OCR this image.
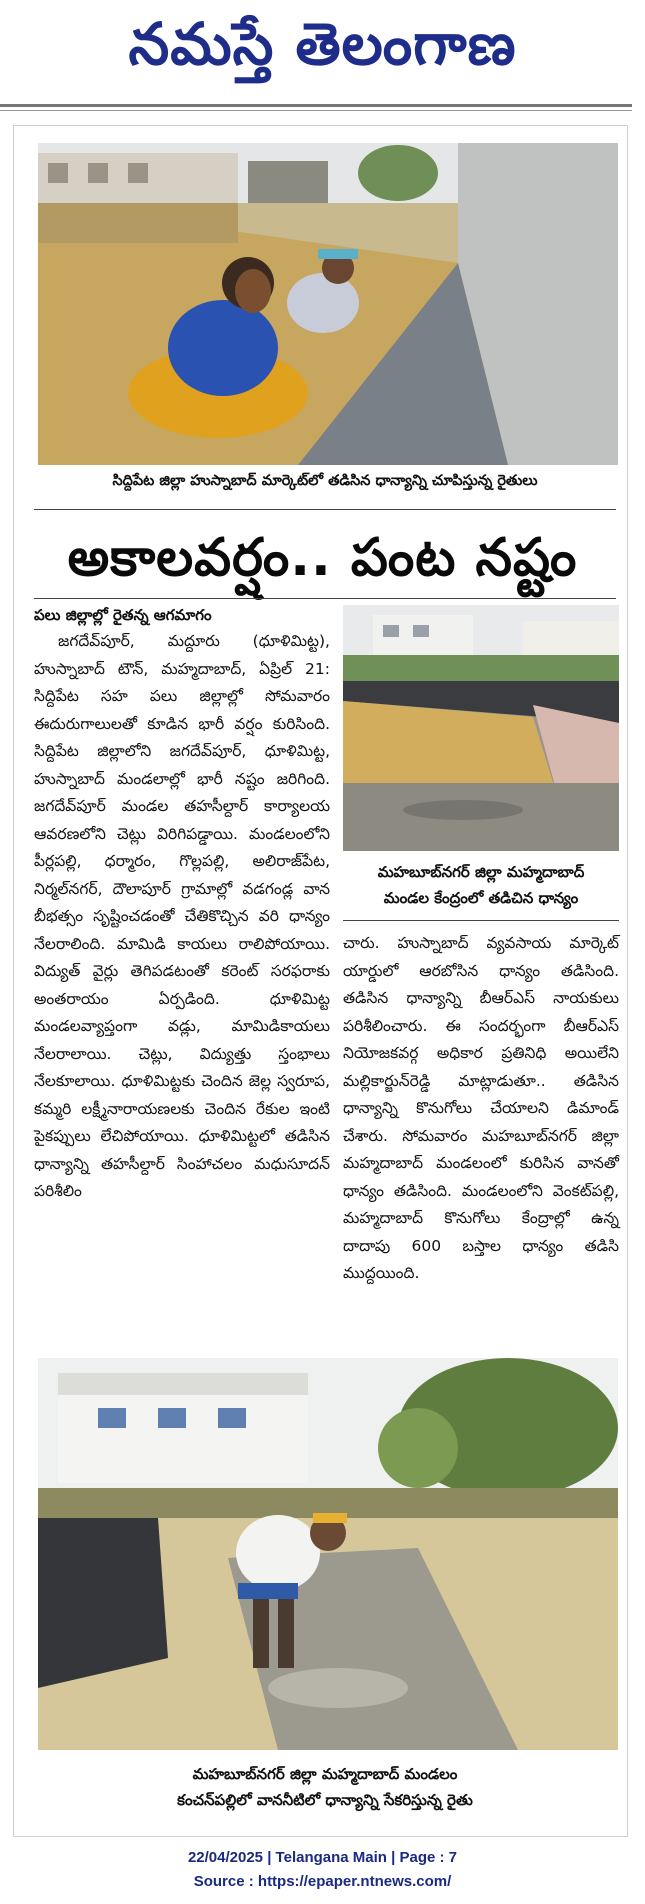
నమస్తే తెలంగాణ
సిద్దిపేట జిల్లా హుస్నాబాద్ మార్కెట్‌లో తడిసిన ధాన్యాన్ని చూపిస్తున్న రైతులు
అకాలవర్షం.. పంట నష్టం
పలు జిల్లాల్లో రైతన్న ఆగమాగం
మహబూబ్‌నగర్ జిల్లా మహ్మదాబాద్
మండల కేంద్రంలో తడిచిన ధాన్యం
జగదేవ్‌పూర్, మద్దూరు (ధూళిమిట్ట), హుస్నాబాద్ టౌన్, మహ్మదాబాద్, ఏప్రిల్ 21: సిద్దిపేట సహ పలు జిల్లాల్లో సోమవారం ఈదురుగాలులతో కూడిన భారీ వర్షం కురిసింది. సిద్దిపేట జిల్లాలోని జగదేవ్‌పూర్, ధూళిమిట్ట, హుస్నాబాద్ మండలాల్లో భారీ నష్టం జరిగింది. జగదేవ్‌పూర్ మండల తహసీల్దార్ కార్యాలయ ఆవరణలోని చెట్లు విరిగిపడ్డాయి. మండలంలోని పీర్లపల్లి, ధర్మారం, గొల్లపల్లి, అలిరాజ్‌పేట, నిర్మల్‌నగర్, దౌలాపూర్ గ్రామాల్లో వడగండ్ల వాన బీభత్సం సృష్టించడంతో చేతికొచ్చిన వరి ధాన్యం నేలరాలింది. మామిడి కాయలు రాలిపోయాయి. విద్యుత్ వైర్లు తెగిపడటంతో కరెంట్ సరఫరాకు అంతరాయం ఏర్పడింది. ధూళిమిట్ట మండలవ్యాప్తంగా వడ్లు, మామిడికాయలు నేలరాలాయి. చెట్లు, విద్యుత్తు స్తంభాలు నేలకూలాయి. ధూళిమిట్టకు చెందిన జెల్ల స్వరూప, కమ్మరి లక్ష్మీనారాయణలకు చెందిన రేకుల ఇంటి పైకప్పులు లేచిపోయాయి. ధూళిమిట్టలో తడిసిన ధాన్యాన్ని తహసీల్దార్ సింహాచలం మధుసూదన్ పరిశీలిం
చారు. హుస్నాబాద్ వ్యవసాయ మార్కెట్ యార్డులో ఆరబోసిన ధాన్యం తడిసింది. తడిసిన ధాన్యాన్ని బీఆర్‌ఎస్ నాయకులు పరిశీలించారు. ఈ సందర్భంగా బీఆర్‌ఎస్ నియోజకవర్గ అధికార ప్రతినిధి అయిలేని మల్లికార్జున్‌రెడ్డి మాట్లాడుతూ.. తడిసిన ధాన్యాన్ని కొనుగోలు చేయాలని డిమాండ్ చేశారు. సోమవారం మహబూబ్‌నగర్ జిల్లా మహ్మదాబాద్ మండలంలో కురిసిన వానతో ధాన్యం తడిసింది. మండలంలోని వెంకట్‌పల్లి, మహ్మదాబాద్ కొనుగోలు కేంద్రాల్లో ఉన్న దాదాపు 600 బస్తాల ధాన్యం తడిసి ముద్దయింది.
మహబూబ్‌నగర్ జిల్లా మహ్మదాబాద్ మండలం
కంచన్‌పల్లిలో వాననీటిలో ధాన్యాన్ని సేకరిస్తున్న రైతు
22/04/2025 | Telangana Main | Page : 7
Source : https://epaper.ntnews.com/
